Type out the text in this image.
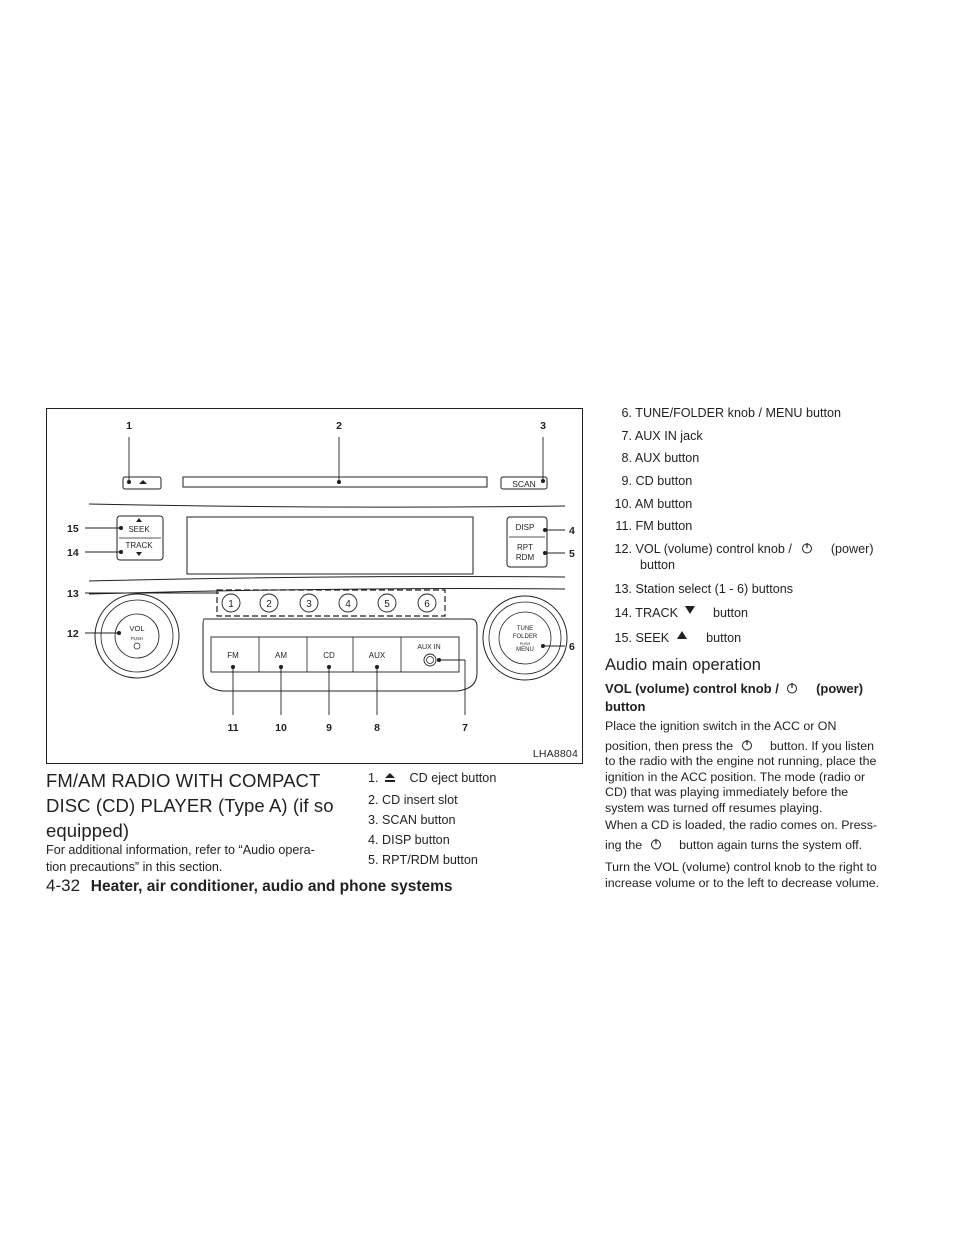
SCAN
SEEK
TRACK
DISP
RPT
RDM
1	2	3	4	5	6
VOL
PUSH
FM	AM	CD	AUX
AUX IN
TUNE
FOLDER
PUSH
MENU
1	2	3
4
5
6
7
8
9
10
11
12
13
14
15
LHA8804
FM/AM RADIO WITH COMPACT
DISC (CD) PLAYER (Type A) (if so
equipped)
For additional information, refer to “Audio opera-
tion precautions” in this section.
1. CD eject button
2. CD insert slot
3. SCAN button
4. DISP button
5. RPT/RDM button
6. TUNE/FOLDER knob / MENU button
7. AUX IN jack
8. AUX button
9. CD button
10. AM button
11. FM button
12. VOL (volume) control knob /	(power)
button
13. Station select (1 - 6) buttons
14. TRACK	button
15. SEEK	button
Audio main operation
VOL (volume) control knob /	(power)
button
Place the ignition switch in the ACC or ON
position, then press the	button. If you listen
to the radio with the engine not running, place the
ignition in the ACC position. The mode (radio or
CD) that was playing immediately before the
system was turned off resumes playing.
When a CD is loaded, the radio comes on. Press-
ing the	button again turns the system off.
Turn the VOL (volume) control knob to the right to
increase volume or to the left to decrease volume.
4-32 Heater, air conditioner, audio and phone systems
